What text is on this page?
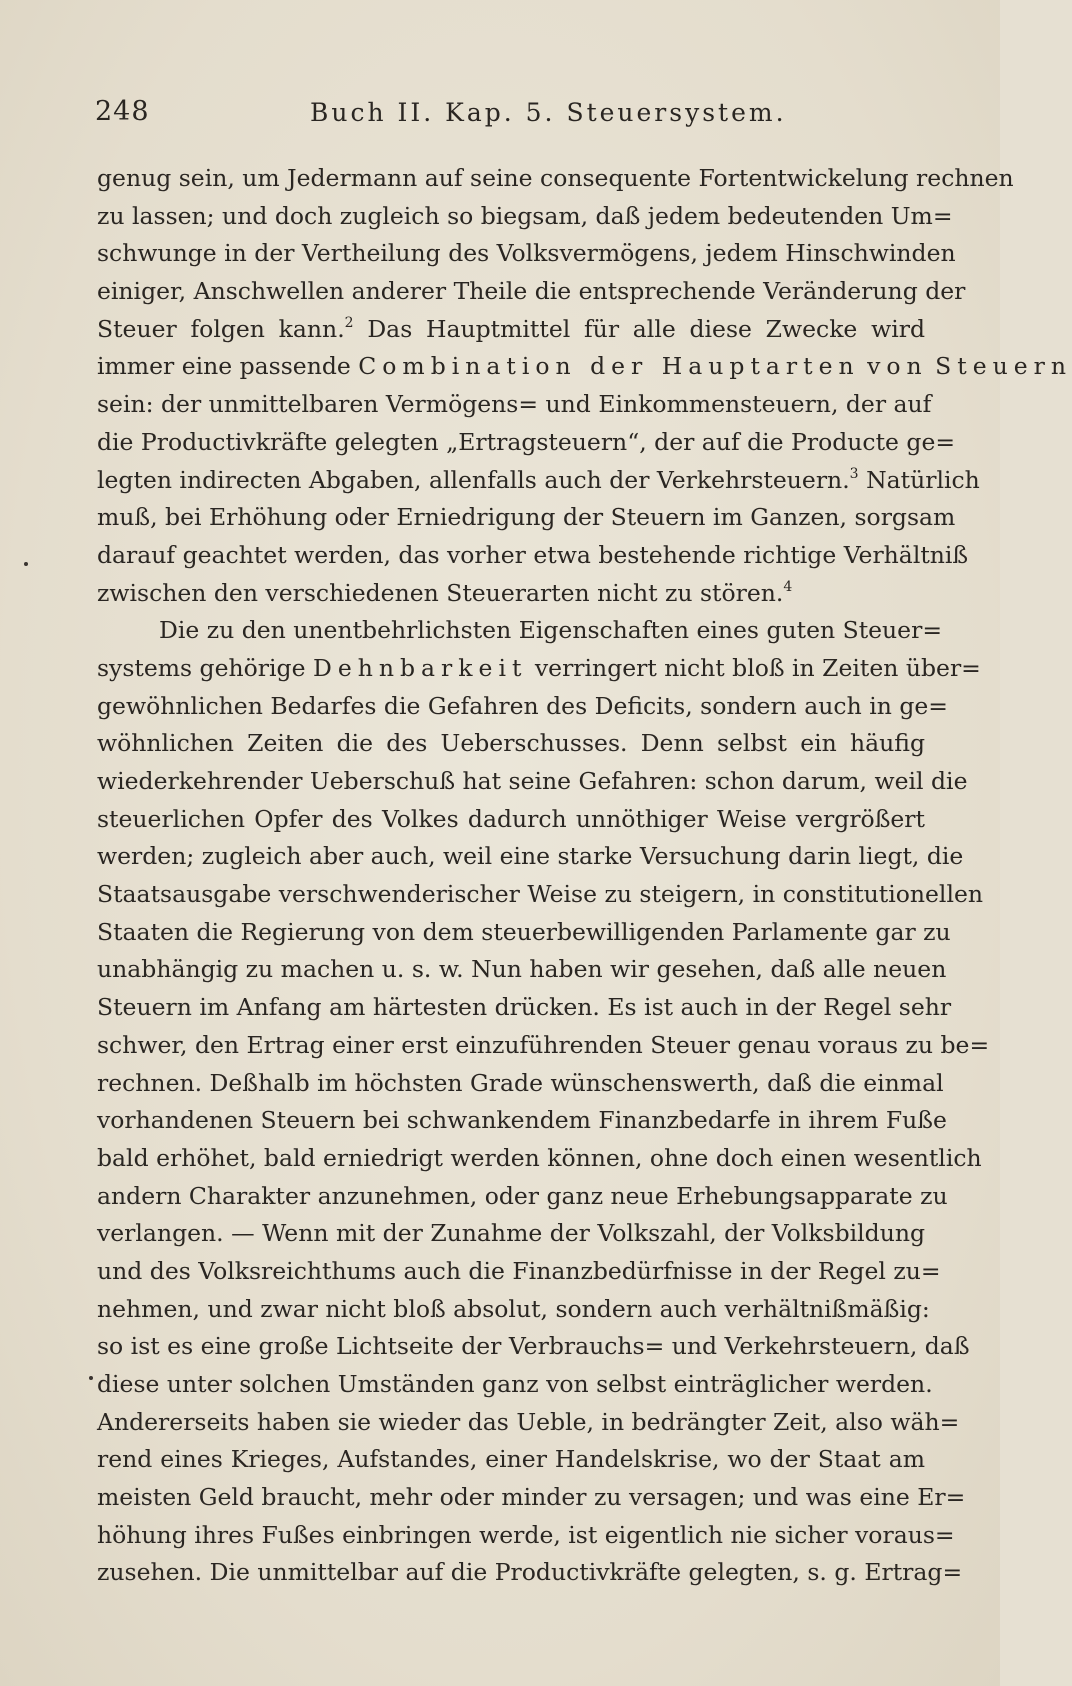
248	Buch II. Kap. 5. Steuersystem.
genug sein, um Jedermann auf seine consequente Fortentwickelung rechnen
zu lassen; und doch zugleich so biegsam, daß jedem bedeutenden Um=
schwunge in der Vertheilung des Volksvermögens, jedem Hinschwinden
einiger, Anschwellen anderer Theile die entsprechende Veränderung der
Steuer folgen kann.$^2$ Das Hauptmittel für alle diese Zwecke wird
immer eine passende Combination der Hauptarten von Steuern
sein: der unmittelbaren Vermögens= und Einkommensteuern, der auf
die Productivkräfte gelegten „Ertragsteuern“, der auf die Producte ge=
legten indirecten Abgaben, allenfalls auch der Verkehrsteuern.$^3$ Natürlich
muß, bei Erhöhung oder Erniedrigung der Steuern im Ganzen, sorgsam
darauf geachtet werden, das vorher etwa bestehende richtige Verhältniß
zwischen den verschiedenen Steuerarten nicht zu stören.$^4$
Die zu den unentbehrlichsten Eigenschaften eines guten Steuer=
systems gehörige Dehnbarkeit verringert nicht bloß in Zeiten über=
gewöhnlichen Bedarfes die Gefahren des Deficits, sondern auch in ge=
wöhnlichen Zeiten die des Ueberschusses. Denn selbst ein häufig
wiederkehrender Ueberschuß hat seine Gefahren: schon darum, weil die
steuerlichen Opfer des Volkes dadurch unnöthiger Weise vergrößert
werden; zugleich aber auch, weil eine starke Versuchung darin liegt, die
Staatsausgabe verschwenderischer Weise zu steigern, in constitutionellen
Staaten die Regierung von dem steuerbewilligenden Parlamente gar zu
unabhängig zu machen u. s. w. Nun haben wir gesehen, daß alle neuen
Steuern im Anfang am härtesten drücken. Es ist auch in der Regel sehr
schwer, den Ertrag einer erst einzuführenden Steuer genau voraus zu be=
rechnen. Deßhalb im höchsten Grade wünschenswerth, daß die einmal
vorhandenen Steuern bei schwankendem Finanzbedarfe in ihrem Fuße
bald erhöhet, bald erniedrigt werden können, ohne doch einen wesentlich
andern Charakter anzunehmen, oder ganz neue Erhebungsapparate zu
verlangen. — Wenn mit der Zunahme der Volkszahl, der Volksbildung
und des Volksreichthums auch die Finanzbedürfnisse in der Regel zu=
nehmen, und zwar nicht bloß absolut, sondern auch verhältnißmäßig:
so ist es eine große Lichtseite der Verbrauchs= und Verkehrsteuern, daß
diese unter solchen Umständen ganz von selbst einträglicher werden.
Andererseits haben sie wieder das Ueble, in bedrängter Zeit, also wäh=
rend eines Krieges, Aufstandes, einer Handelskrise, wo der Staat am
meisten Geld braucht, mehr oder minder zu versagen; und was eine Er=
höhung ihres Fußes einbringen werde, ist eigentlich nie sicher voraus=
zusehen. Die unmittelbar auf die Productivkräfte gelegten, s. g. Ertrag=
